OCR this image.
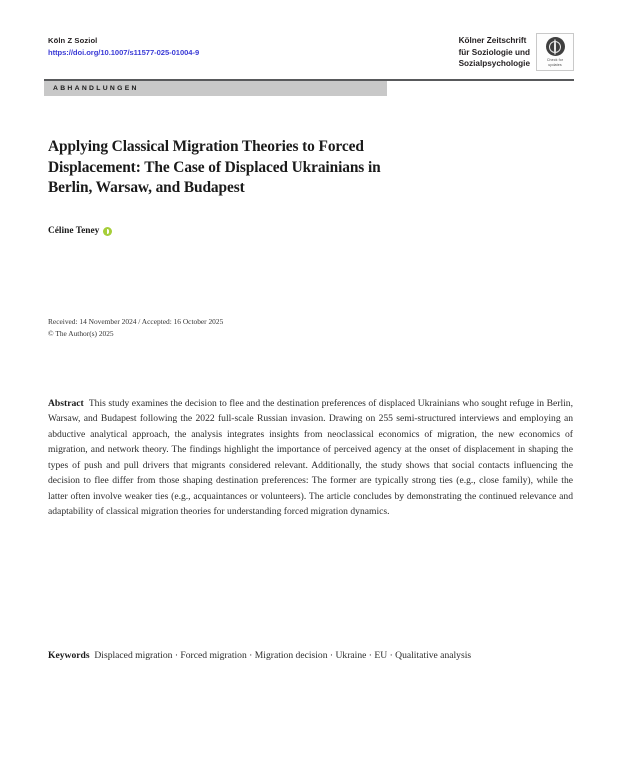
Köln Z Soziol
https://doi.org/10.1007/s11577-025-01004-9
Kölner Zeitschrift
für Soziologie und
Sozialpsychologie	Check for
updates
ABHANDLUNGEN
Applying Classical Migration Theories to Forced Displacement: The Case of Displaced Ukrainians in Berlin, Warsaw, and Budapest
Céline Teney
Received: 14 November 2024 / Accepted: 16 October 2025
© The Author(s) 2025

Abstract This study examines the decision to flee and the destination preferences of displaced Ukrainians who sought refuge in Berlin, Warsaw, and Budapest following the 2022 full-scale Russian invasion. Drawing on 255 semi-structured interviews and employing an abductive analytical approach, the analysis integrates insights from neoclassical economics of migration, the new economics of migration, and network theory. The findings highlight the importance of perceived agency at the onset of displacement in shaping the types of push and pull drivers that migrants considered relevant. Additionally, the study shows that social contacts influencing the decision to flee differ from those shaping destination preferences: The former are typically strong ties (e.g., close family), while the latter often involve weaker ties (e.g., acquaintances or volunteers). The article concludes by demonstrating the continued relevance and adaptability of classical migration theories for understanding forced migration dynamics.

Keywords Displaced migration · Forced migration · Migration decision · Ukraine · EU · Qualitative analysis
